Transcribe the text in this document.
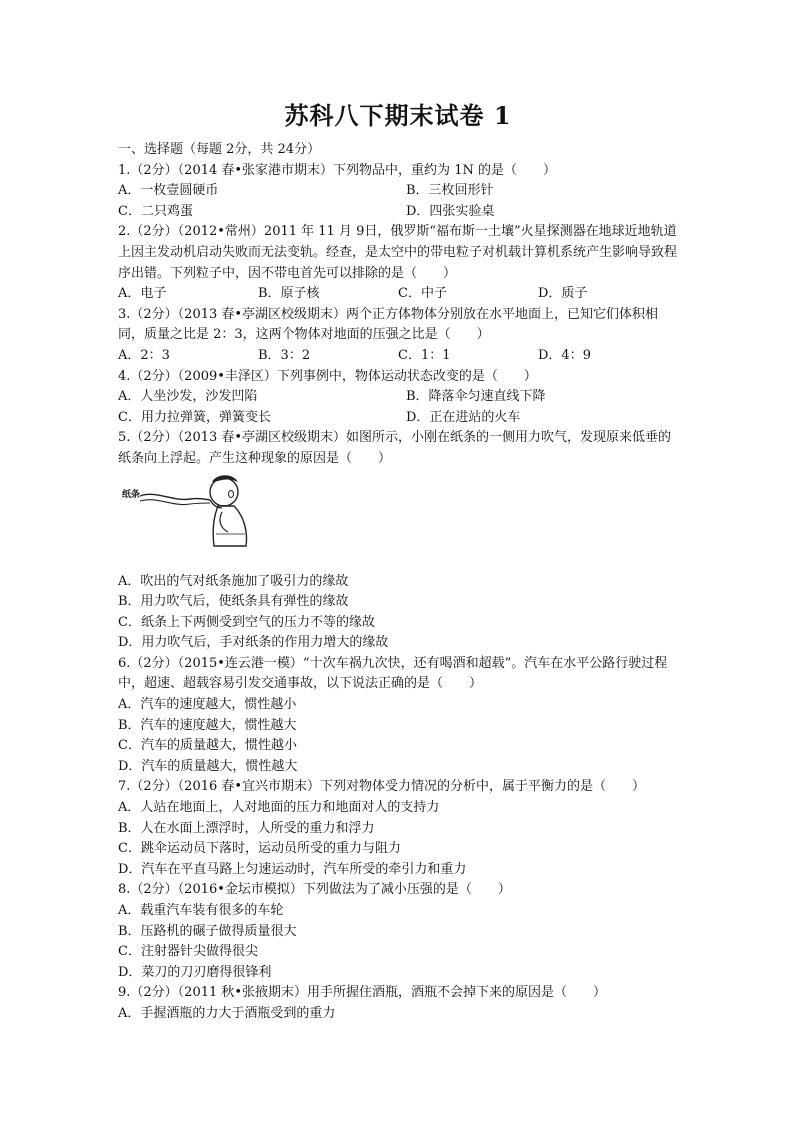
苏科八下期末试卷 1
一、选择题（每题 2分，共 24分）
1.（2分）（2014 春•张家港市期末）下列物品中，重约为 1N 的是（　　）
A．一枚壹圆硬币	B．三枚回形针
C．二只鸡蛋	D．四张实验桌
2.（2分）（2012•常州）2011 年 11 月 9日，俄罗斯“福布斯一土壤”火星探测器在地球近地轨道上因主发动机启动失败而无法变轨。经查，是太空中的带电粒子对机载计算机系统产生影响导致程序出错。下列粒子中，因不带电首先可以排除的是（　　）
A．电子	B．原子核	C．中子	D．质子
3.（2分）（2013 春•亭湖区校级期末）两个正方体物体分别放在水平地面上，已知它们体积相同，质量之比是 2：3，这两个物体对地面的压强之比是（　　）
A．2：3	B．3：2	C．1：1	D．4：9
4.（2分）（2009•丰泽区）下列事例中，物体运动状态改变的是（　　）
A．人坐沙发，沙发凹陷	B．降落伞匀速直线下降
C．用力拉弹簧，弹簧变长	D．正在进站的火车
5.（2分）（2013 春•亭湖区校级期末）如图所示，小刚在纸条的一侧用力吹气，发现原来低垂的纸条向上浮起。产生这种现象的原因是（　　）
纸条
A．吹出的气对纸条施加了吸引力的缘故
B．用力吹气后，使纸条具有弹性的缘故
C．纸条上下两侧受到空气的压力不等的缘故
D．用力吹气后，手对纸条的作用力增大的缘故
6.（2分）（2015•连云港一模）“十次车祸九次快，还有喝酒和超载”。汽车在水平公路行驶过程中，超速、超载容易引发交通事故，以下说法正确的是（　　）
A．汽车的速度越大，惯性越小
B．汽车的速度越大，惯性越大
C．汽车的质量越大，惯性越小
D．汽车的质量越大，惯性越大
7.（2分）（2016 春•宜兴市期末）下列对物体受力情况的分析中，属于平衡力的是（　　）
A．人站在地面上，人对地面的压力和地面对人的支持力
B．人在水面上漂浮时，人所受的重力和浮力
C．跳伞运动员下落时，运动员所受的重力与阻力
D．汽车在平直马路上匀速运动时，汽车所受的牵引力和重力
8.（2分）（2016•金坛市模拟）下列做法为了减小压强的是（　　）
A．载重汽车装有很多的车轮
B．压路机的碾子做得质量很大
C．注射器针尖做得很尖
D．菜刀的刀刃磨得很锋利
9.（2分）（2011 秋•张掖期末）用手所握住酒瓶，酒瓶不会掉下来的原因是（　　）
A．手握酒瓶的力大于酒瓶受到的重力
